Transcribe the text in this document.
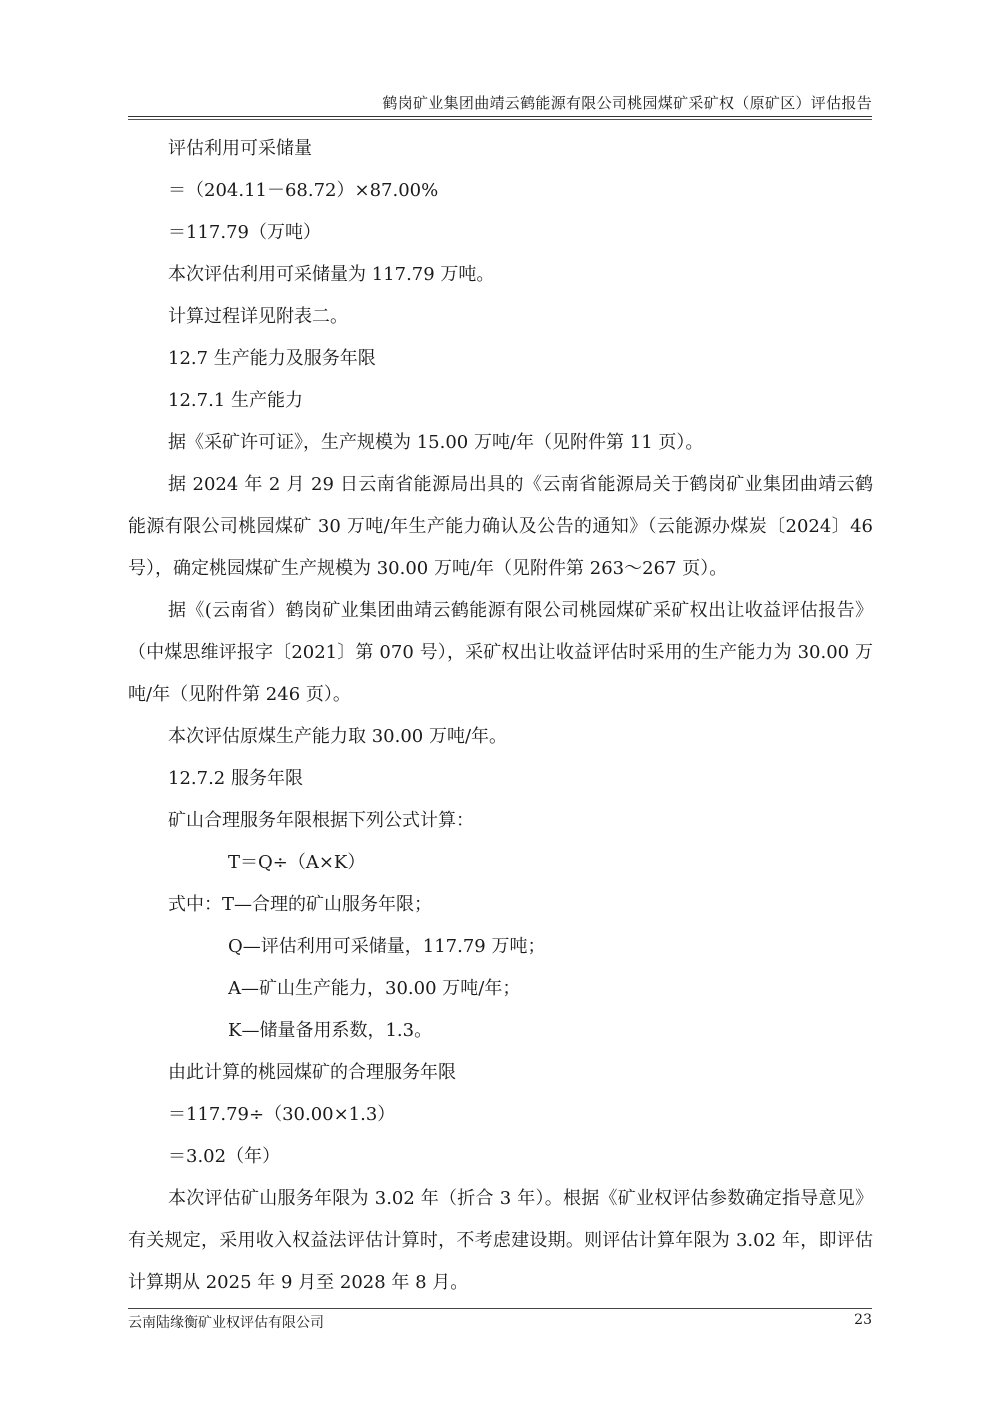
鹤岗矿业集团曲靖云鹤能源有限公司桃园煤矿采矿权（原矿区）评估报告
评估利用可采储量
＝（204.11－68.72）×87.00%
＝117.79（万吨）
本次评估利用可采储量为 117.79 万吨。
计算过程详见附表二。
12.7 生产能力及服务年限
12.7.1 生产能力
据《采矿许可证》，生产规模为 15.00 万吨/年（见附件第 11 页）。
据 2024 年 2 月 29 日云南省能源局出具的《云南省能源局关于鹤岗矿业集团曲靖云鹤能源有限公司桃园煤矿 30 万吨/年生产能力确认及公告的通知》（云能源办煤炭〔2024〕46 号），确定桃园煤矿生产规模为 30.00 万吨/年（见附件第 263～267 页）。
据《(云南省）鹤岗矿业集团曲靖云鹤能源有限公司桃园煤矿采矿权出让收益评估报告》（中煤思维评报字〔2021〕第 070 号），采矿权出让收益评估时采用的生产能力为 30.00 万吨/年（见附件第 246 页）。
本次评估原煤生产能力取 30.00 万吨/年。
12.7.2 服务年限
矿山合理服务年限根据下列公式计算：
T＝Q÷（A×K）
式中：T—合理的矿山服务年限；
Q—评估利用可采储量，117.79 万吨；
A—矿山生产能力，30.00 万吨/年；
K—储量备用系数，1.3。
由此计算的桃园煤矿的合理服务年限
＝117.79÷（30.00×1.3）
＝3.02（年）
本次评估矿山服务年限为 3.02 年（折合 3 年）。根据《矿业权评估参数确定指导意见》有关规定，采用收入权益法评估计算时，不考虑建设期。则评估计算年限为 3.02 年，即评估计算期从 2025 年 9 月至 2028 年 8 月。
云南陆缘衡矿业权评估有限公司	23
